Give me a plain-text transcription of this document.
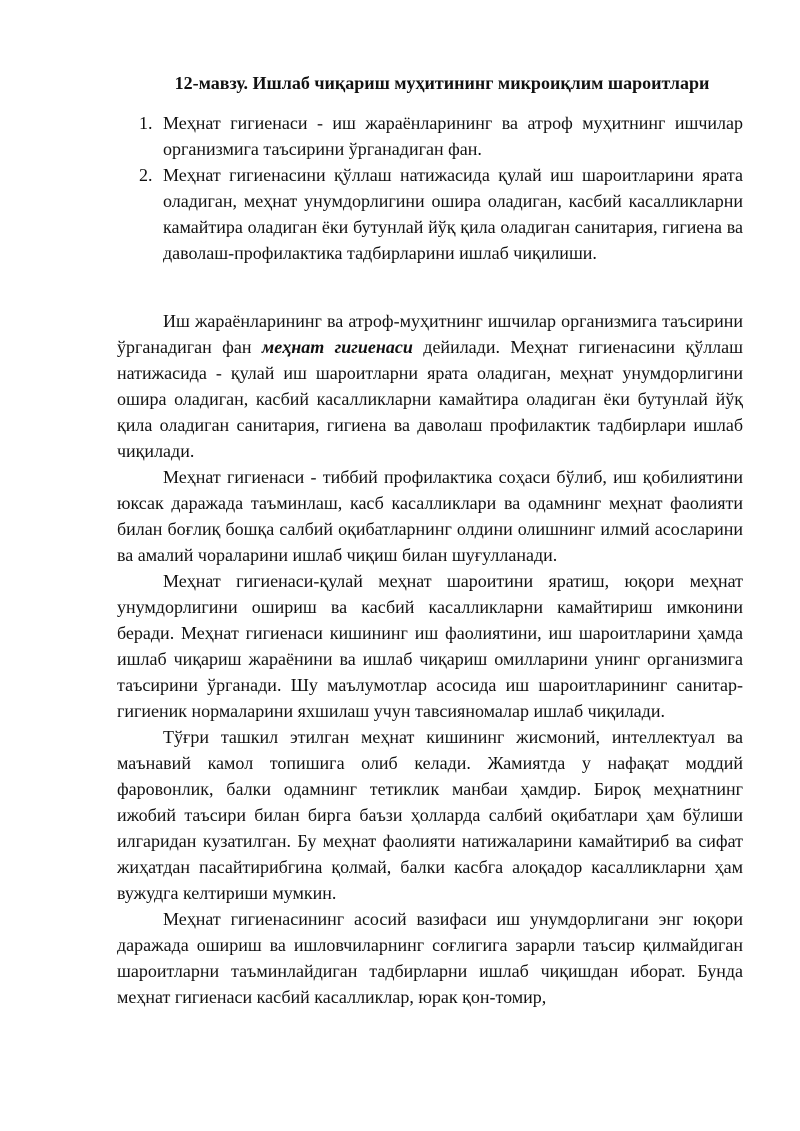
12-мавзу. Ишлаб чиқариш муҳитининг микроиқлим шароитлари
1. Меҳнат гигиенаси - иш жараёнларининг ва атроф муҳитнинг ишчилар организмига таъсирини ўрганадиган фан.
2. Меҳнат гигиенасини қўллаш натижасида қулай иш шароитларини ярата оладиган, меҳнат унумдорлигини ошира оладиган, касбий касалликларни камайтира оладиган ёки бутунлай йўқ қила оладиган санитария, гигиена ва даволаш-профилактика тадбирларини ишлаб чиқилиши.

Иш жараёнларининг ва атроф-муҳитнинг ишчилар организмига таъсирини ўрганадиган фан меҳнат гигиенаси дейилади. Меҳнат гигиенасини қўллаш натижасида - қулай иш шароитларни ярата оладиган, меҳнат унумдорлигини ошира оладиган, касбий касалликларни камайтира оладиган ёки бутунлай йўқ қила оладиган санитария, гигиена ва даволаш профилактик тадбирлари ишлаб чиқилади.

Меҳнат гигиенаси - тиббий профилактика соҳаси бўлиб, иш қобилиятини юксак даражада таъминлаш, касб касалликлари ва одамнинг меҳнат фаолияти билан боғлиқ бошқа салбий оқибатларнинг олдини олишнинг илмий асосларини ва амалий чораларини ишлаб чиқиш билан шуғулланади.

Меҳнат гигиенаси-қулай меҳнат шароитини яратиш, юқори меҳнат унумдорлигини ошириш ва касбий касалликларни камайтириш имконини беради. Меҳнат гигиенаси кишининг иш фаолиятини, иш шароитларини ҳамда ишлаб чиқариш жараёнини ва ишлаб чиқариш омилларини унинг организмига таъсирини ўрганади. Шу маълумотлар асосида иш шароитларининг санитар-гигиеник нормаларини яхшилаш учун тавсияномалар ишлаб чиқилади.

Тўғри ташкил этилган меҳнат кишининг жисмоний, интеллектуал ва маънавий камол топишига олиб келади. Жамиятда у нафақат моддий фаровонлик, балки одамнинг тетиклик манбаи ҳамдир. Бироқ меҳнатнинг ижобий таъсири билан бирга баъзи ҳолларда салбий оқибатлари ҳам бўлиши илгаридан кузатилган. Бу меҳнат фаолияти натижаларини камайтириб ва сифат жиҳатдан пасайтирибгина қолмай, балки касбга алоқадор касалликларни ҳам вужудга келтириши мумкин.

Меҳнат гигиенасининг асосий вазифаси иш унумдорлигани энг юқори даражада ошириш ва ишловчиларнинг соғлигига зарарли таъсир қилмайдиган шароитларни таъминлайдиган тадбирларни ишлаб чиқишдан иборат. Бунда меҳнат гигиенаси касбий касалликлар, юрак қон-томир,
